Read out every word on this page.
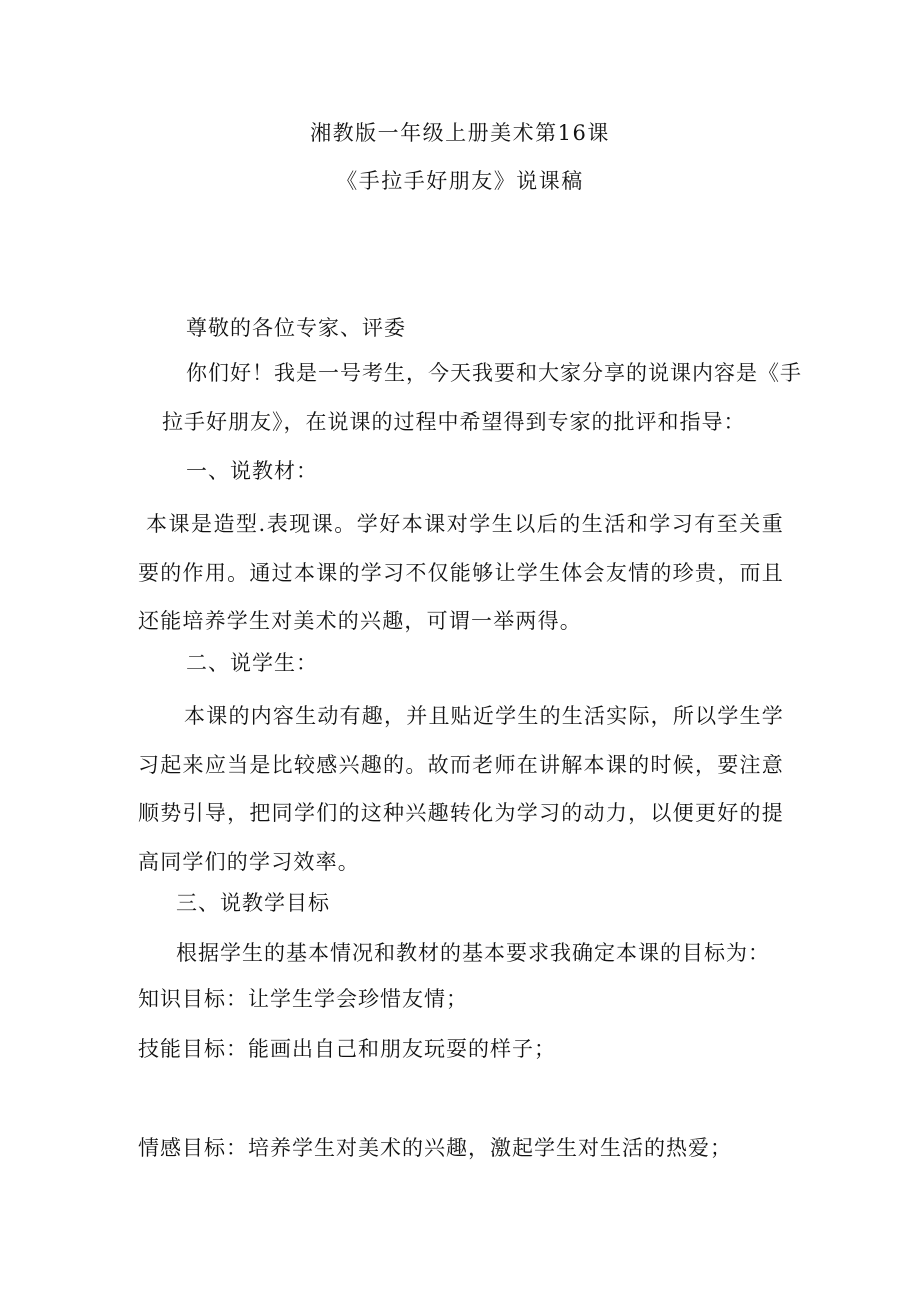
湘教版一年级上册美术第16课
《手拉手好朋友》说课稿
尊敬的各位专家、评委
你们好！我是一号考生，今天我要和大家分享的说课内容是《手
拉手好朋友》，在说课的过程中希望得到专家的批评和指导：
一、说教材：
本课是造型.表现课。学好本课对学生以后的生活和学习有至关重要的作用。通过本课的学习不仅能够让学生体会友情的珍贵，而且还能培养学生对美术的兴趣，可谓一举两得。
二、说学生：
本课的内容生动有趣，并且贴近学生的生活实际，所以学生学习起来应当是比较感兴趣的。故而老师在讲解本课的时候，要注意顺势引导，把同学们的这种兴趣转化为学习的动力，以便更好的提高同学们的学习效率。
三、说教学目标
根据学生的基本情况和教材的基本要求我确定本课的目标为：
知识目标：让学生学会珍惜友情；
技能目标：能画出自己和朋友玩耍的样子；
情感目标：培养学生对美术的兴趣，激起学生对生活的热爱；
